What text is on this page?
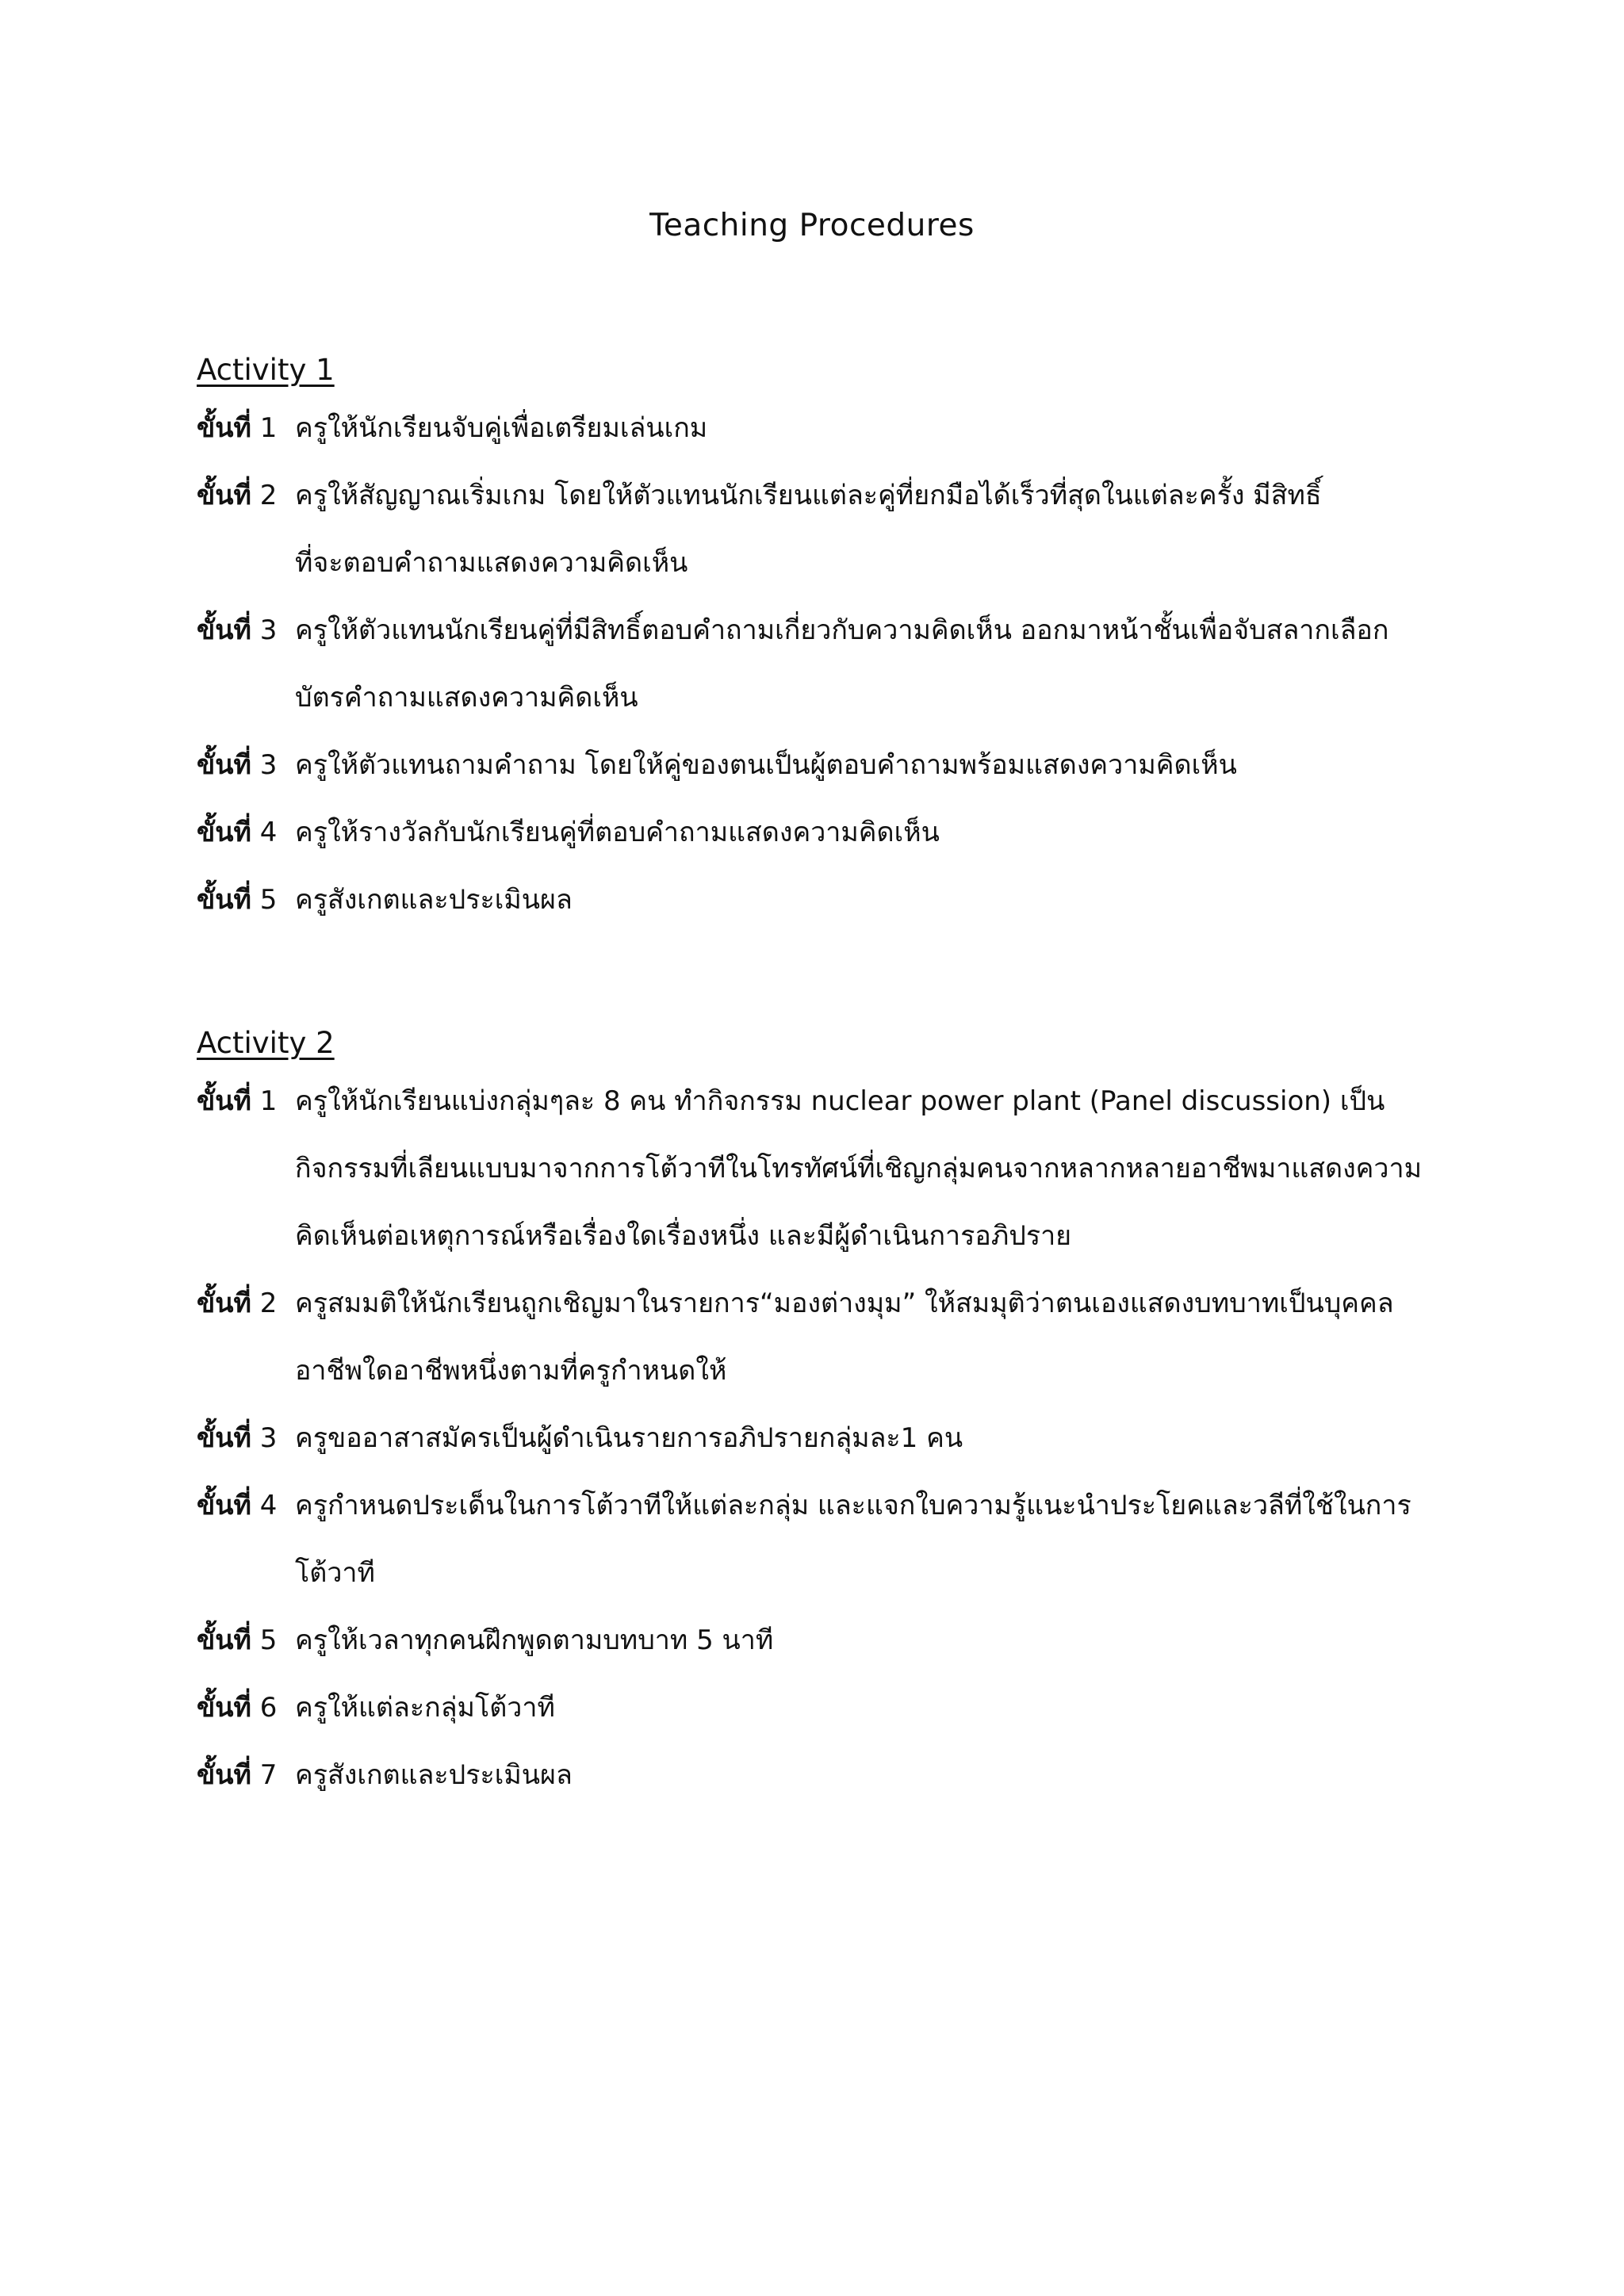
Teaching Procedures
Activity 1
ขั้นที่ 1 ครูให้นักเรียนจับคู่เพื่อเตรียมเล่นเกม
ขั้นที่ 2 ครูให้สัญญาณเริ่มเกม โดยให้ตัวแทนนักเรียนแต่ละคู่ที่ยกมือได้เร็วที่สุดในแต่ละครั้ง มีสิทธิ์
ที่จะตอบคำถามแสดงความคิดเห็น
ขั้นที่ 3 ครูให้ตัวแทนนักเรียนคู่ที่มีสิทธิ์ตอบคำถามเกี่ยวกับความคิดเห็น ออกมาหน้าชั้นเพื่อจับสลากเลือก
บัตรคำถามแสดงความคิดเห็น
ขั้นที่ 3 ครูให้ตัวแทนถามคำถาม โดยให้คู่ของตนเป็นผู้ตอบคำถามพร้อมแสดงความคิดเห็น
ขั้นที่ 4 ครูให้รางวัลกับนักเรียนคู่ที่ตอบคำถามแสดงความคิดเห็น
ขั้นที่ 5 ครูสังเกตและประเมินผล
Activity 2
ขั้นที่ 1 ครูให้นักเรียนแบ่งกลุ่มๆละ 8 คน ทำกิจกรรม nuclear power plant (Panel discussion) เป็น
กิจกรรมที่เลียนแบบมาจากการโต้วาทีในโทรทัศน์ที่เชิญกลุ่มคนจากหลากหลายอาชีพมาแสดงความ
คิดเห็นต่อเหตุการณ์หรือเรื่องใดเรื่องหนึ่ง และมีผู้ดำเนินการอภิปราย
ขั้นที่ 2 ครูสมมติให้นักเรียนถูกเชิญมาในรายการ“มองต่างมุม” ให้สมมุติว่าตนเองแสดงบทบาทเป็นบุคคล
อาชีพใดอาชีพหนึ่งตามที่ครูกำหนดให้
ขั้นที่ 3 ครูขออาสาสมัครเป็นผู้ดำเนินรายการอภิปรายกลุ่มละ1 คน
ขั้นที่ 4 ครูกำหนดประเด็นในการโต้วาทีให้แต่ละกลุ่ม และแจกใบความรู้แนะนำประโยคและวลีที่ใช้ในการ
โต้วาที
ขั้นที่ 5 ครูให้เวลาทุกคนฝึกพูดตามบทบาท 5 นาที
ขั้นที่ 6 ครูให้แต่ละกลุ่มโต้วาที
ขั้นที่ 7 ครูสังเกตและประเมินผล
